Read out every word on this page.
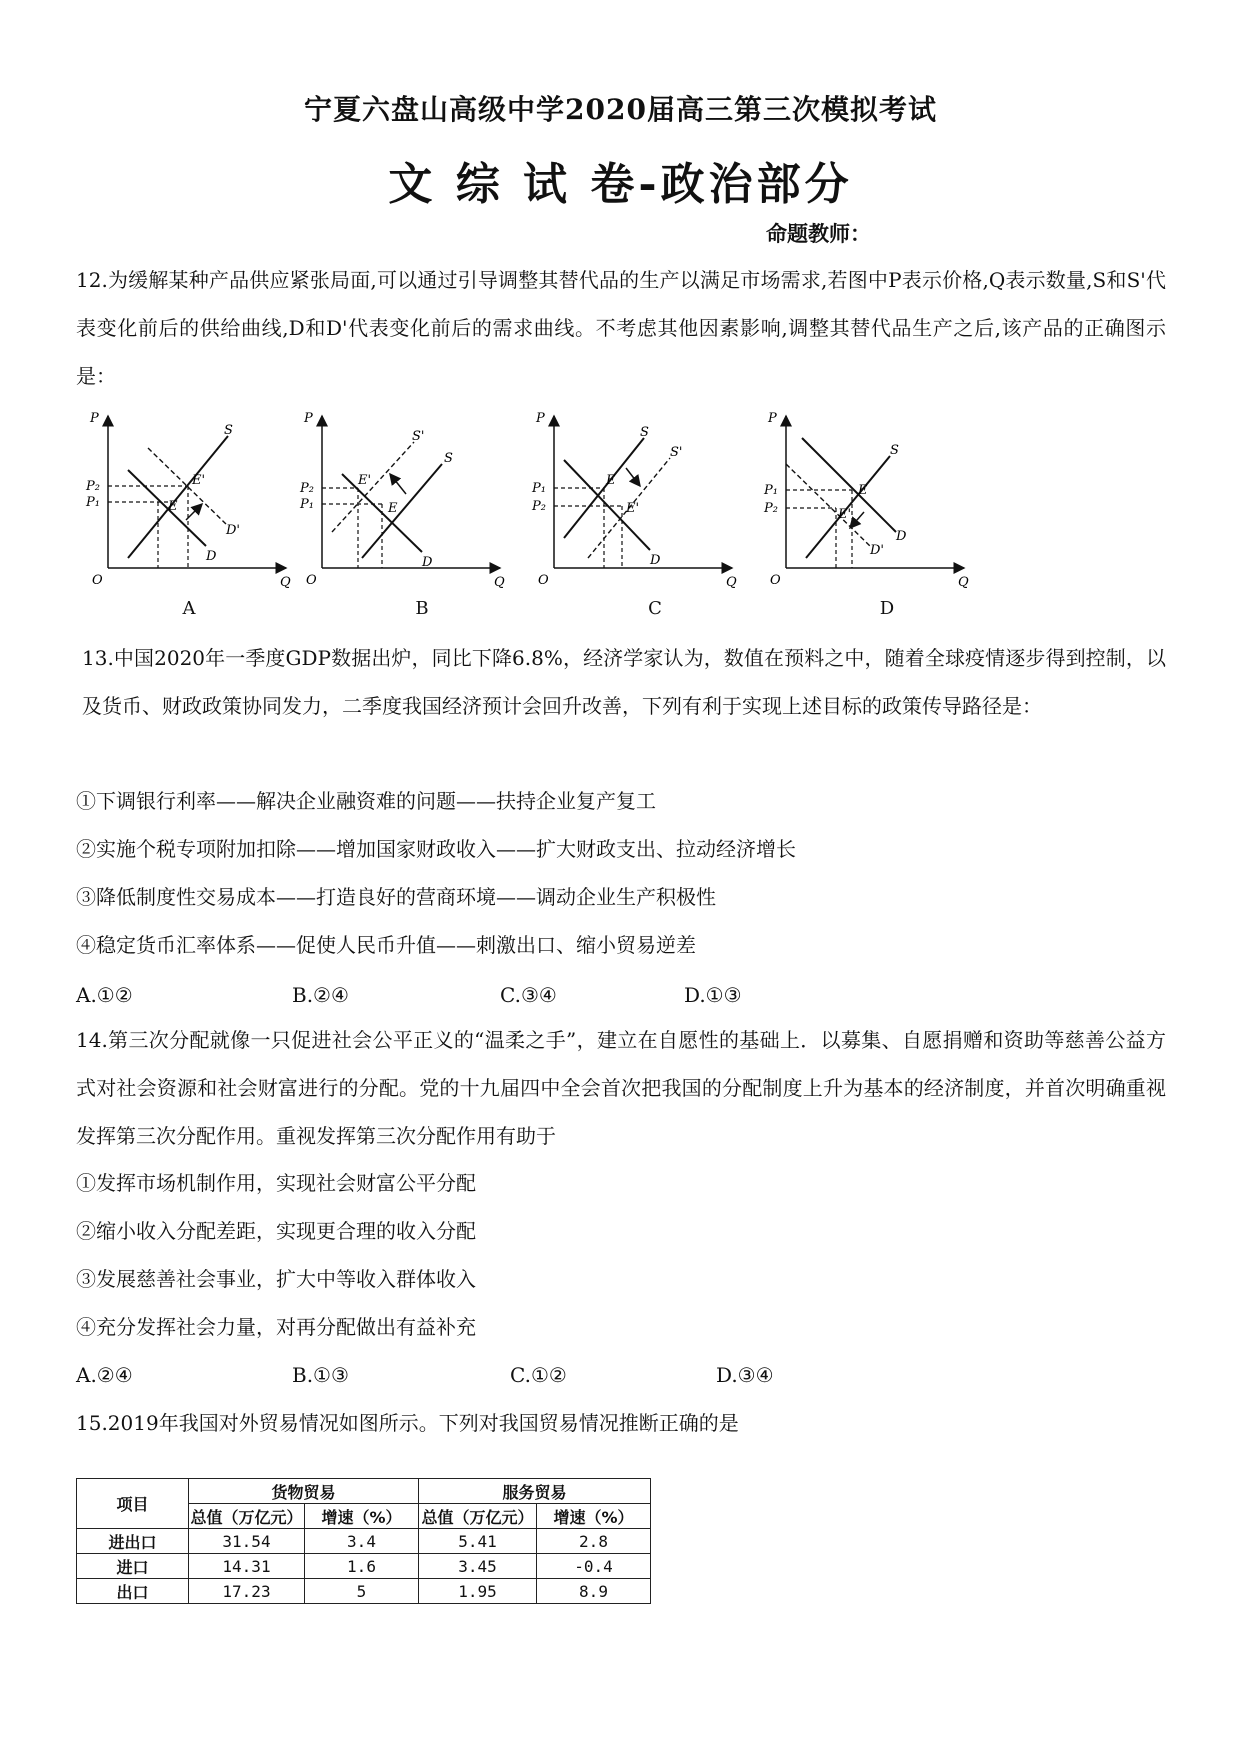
宁夏六盘山高级中学2020届高三第三次模拟考试
文 综 试 卷-政治部分
命题教师：
12.为缓解某种产品供应紧张局面,可以通过引导调整其替代品的生产以满足市场需求,若图中P表示价格,Q表示数量,S和S'代表变化前后的供给曲线,D和D'代表变化前后的需求曲线。不考虑其他因素影响,调整其替代品生产之后,该产品的正确图示是：
P
Q
O
P₂
P₁
S
D
D'
E
E'
A
P
Q
O
P₂
P₁
S
S'
D
E
E'
B
P
Q
O
P₁
P₂
S
S'
D
E
E'
C
P
Q
O
P₁
P₂
S
D
D'
E
E'
D
13.中国2020年一季度GDP数据出炉，同比下降6.8%，经济学家认为，数值在预料之中，随着全球疫情逐步得到控制，以及货币、财政政策协同发力，二季度我国经济预计会回升改善，下列有利于实现上述目标的政策传导路径是：
①下调银行利率——解决企业融资难的问题——扶持企业复产复工
②实施个税专项附加扣除——增加国家财政收入——扩大财政支出、拉动经济增长
③降低制度性交易成本——打造良好的营商环境——调动企业生产积极性
④稳定货币汇率体系——促使人民币升值——刺激出口、缩小贸易逆差
A.①②	B.②④	C.③④	D.①③
14.第三次分配就像一只促进社会公平正义的“温柔之手”，建立在自愿性的基础上．以募集、自愿捐赠和资助等慈善公益方式对社会资源和社会财富进行的分配。党的十九届四中全会首次把我国的分配制度上升为基本的经济制度，并首次明确重视发挥第三次分配作用。重视发挥第三次分配作用有助于
①发挥市场机制作用，实现社会财富公平分配
②缩小收入分配差距，实现更合理的收入分配
③发展慈善社会事业，扩大中等收入群体收入
④充分发挥社会力量，对再分配做出有益补充
A.②④	B.①③	C.①②	D.③④
15.2019年我国对外贸易情况如图所示。下列对我国贸易情况推断正确的是
项目	货物贸易		服务贸易	
	总值（万亿元）	增速（%）	总值（万亿元）	增速（%）
进出口	31.54	3.4	5.41	2.8
进口	14.31	1.6	3.45	-0.4
出口	17.23	5	1.95	8.9
